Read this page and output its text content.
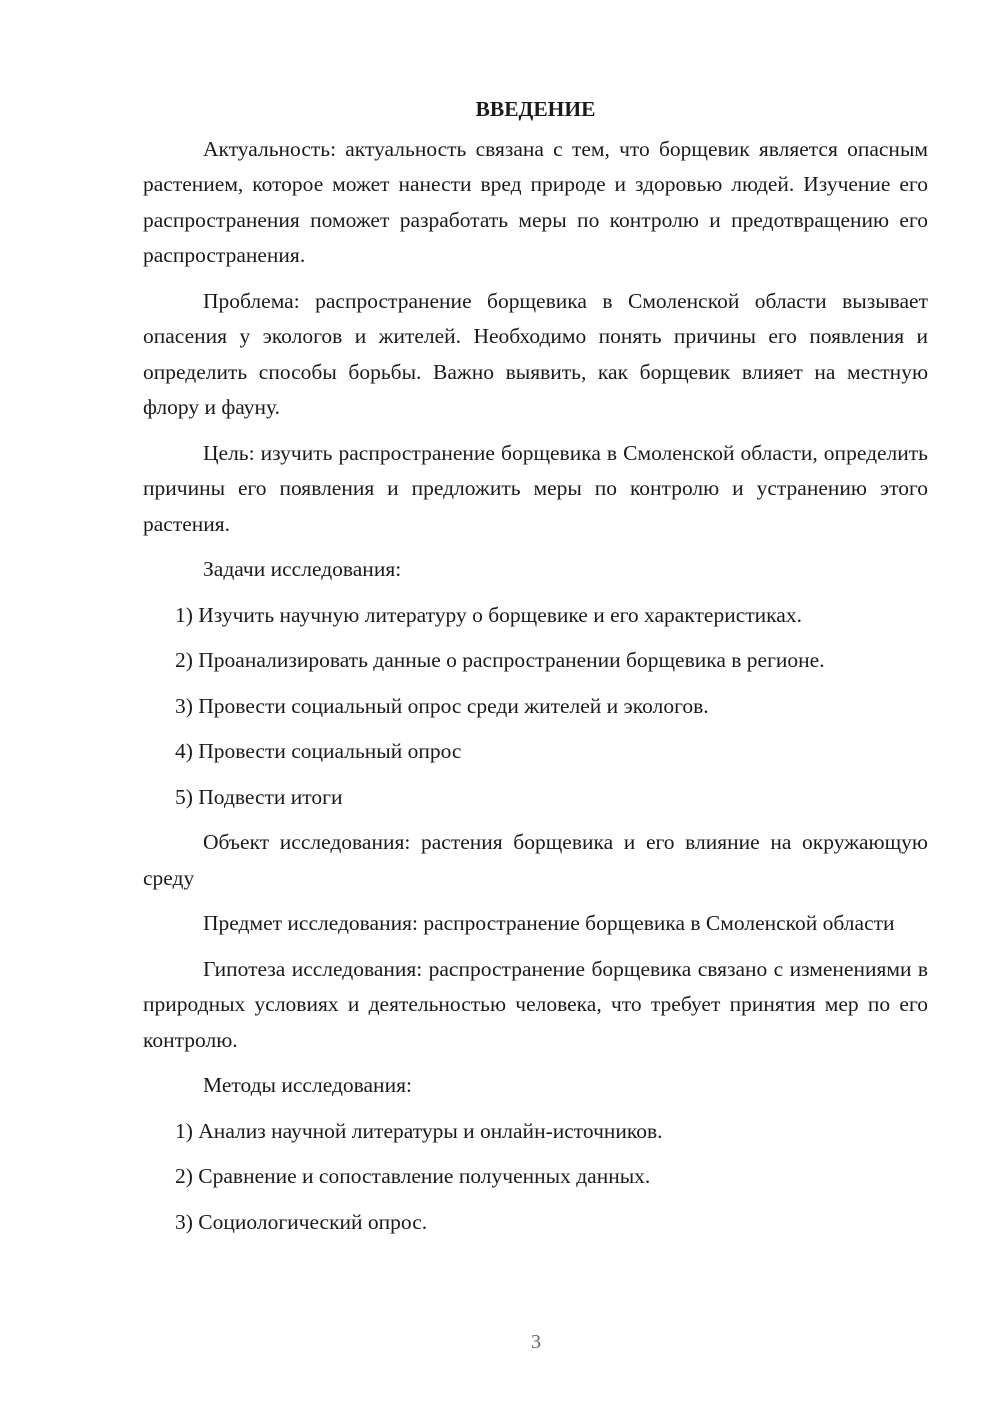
ВВЕДЕНИЕ

Актуальность: актуальность связана с тем, что борщевик является опасным растением, которое может нанести вред природе и здоровью людей. Изучение его распространения поможет разработать меры по контролю и предотвращению его распространения.

Проблема: распространение борщевика в Смоленской области вызывает опасения у экологов и жителей. Необходимо понять причины его появления и определить способы борьбы. Важно выявить, как борщевик влияет на местную флору и фауну.

Цель: изучить распространение борщевика в Смоленской области, определить причины его появления и предложить меры по контролю и устранению этого растения.

Задачи исследования:

1) Изучить научную литературу о борщевике и его характеристиках.

2) Проанализировать данные о распространении борщевика в регионе.

3) Провести социальный опрос среди жителей и экологов.

4) Провести социальный опрос

5) Подвести итоги

Объект исследования: растения борщевика и его влияние на окружающую среду

Предмет исследования: распространение борщевика в Смоленской области

Гипотеза исследования: распространение борщевика связано с изменениями в природных условиях и деятельностью человека, что требует принятия мер по его контролю.

Методы исследования:

1) Анализ научной литературы и онлайн-источников.

2) Сравнение и сопоставление полученных данных.

3) Социологический опрос.

3
